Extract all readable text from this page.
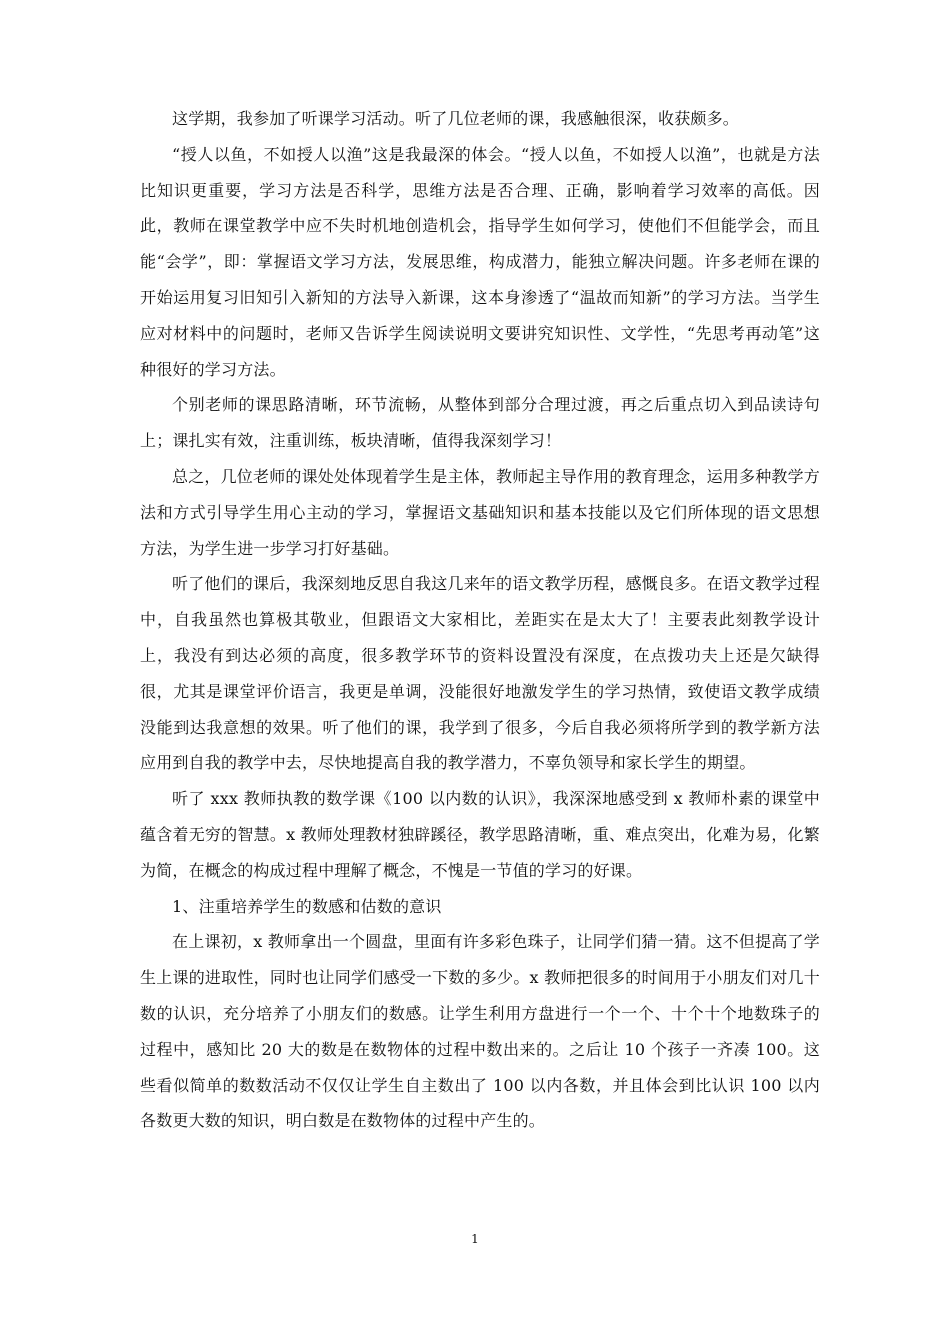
这学期，我参加了听课学习活动。听了几位老师的课，我感触很深，收获颇多。

“授人以鱼，不如授人以渔”这是我最深的体会。“授人以鱼，不如授人以渔”，也就是方法比知识更重要，学习方法是否科学，思维方法是否合理、正确，影响着学习效率的高低。因此，教师在课堂教学中应不失时机地创造机会，指导学生如何学习，使他们不但能学会，而且能“会学”，即：掌握语文学习方法，发展思维，构成潜力，能独立解决问题。许多老师在课的开始运用复习旧知引入新知的方法导入新课，这本身渗透了“温故而知新”的学习方法。当学生应对材料中的问题时，老师又告诉学生阅读说明文要讲究知识性、文学性，“先思考再动笔”这种很好的学习方法。

个别老师的课思路清晰，环节流畅，从整体到部分合理过渡，再之后重点切入到品读诗句上；课扎实有效，注重训练，板块清晰，值得我深刻学习！

总之，几位老师的课处处体现着学生是主体，教师起主导作用的教育理念，运用多种教学方法和方式引导学生用心主动的学习，掌握语文基础知识和基本技能以及它们所体现的语文思想方法，为学生进一步学习打好基础。

听了他们的课后，我深刻地反思自我这几来年的语文教学历程，感慨良多。在语文教学过程中，自我虽然也算极其敬业，但跟语文大家相比，差距实在是太大了！主要表此刻教学设计上，我没有到达必须的高度，很多教学环节的资料设置没有深度，在点拨功夫上还是欠缺得很，尤其是课堂评价语言，我更是单调，没能很好地激发学生的学习热情，致使语文教学成绩没能到达我意想的效果。听了他们的课，我学到了很多，今后自我必须将所学到的教学新方法应用到自我的教学中去，尽快地提高自我的教学潜力，不辜负领导和家长学生的期望。

听了 xxx 教师执教的数学课《100 以内数的认识》，我深深地感受到 x 教师朴素的课堂中蕴含着无穷的智慧。x 教师处理教材独辟蹊径，教学思路清晰，重、难点突出，化难为易，化繁为简，在概念的构成过程中理解了概念，不愧是一节值的学习的好课。

1、注重培养学生的数感和估数的意识

在上课初，x 教师拿出一个圆盘，里面有许多彩色珠子，让同学们猜一猜。这不但提高了学生上课的进取性，同时也让同学们感受一下数的多少。x 教师把很多的时间用于小朋友们对几十数的认识，充分培养了小朋友们的数感。让学生利用方盘进行一个一个、十个十个地数珠子的过程中，感知比 20 大的数是在数物体的过程中数出来的。之后让 10 个孩子一齐凑 100。这些看似简单的数数活动不仅仅让学生自主数出了 100 以内各数，并且体会到比认识 100 以内各数更大数的知识，明白数是在数物体的过程中产生的。

1
